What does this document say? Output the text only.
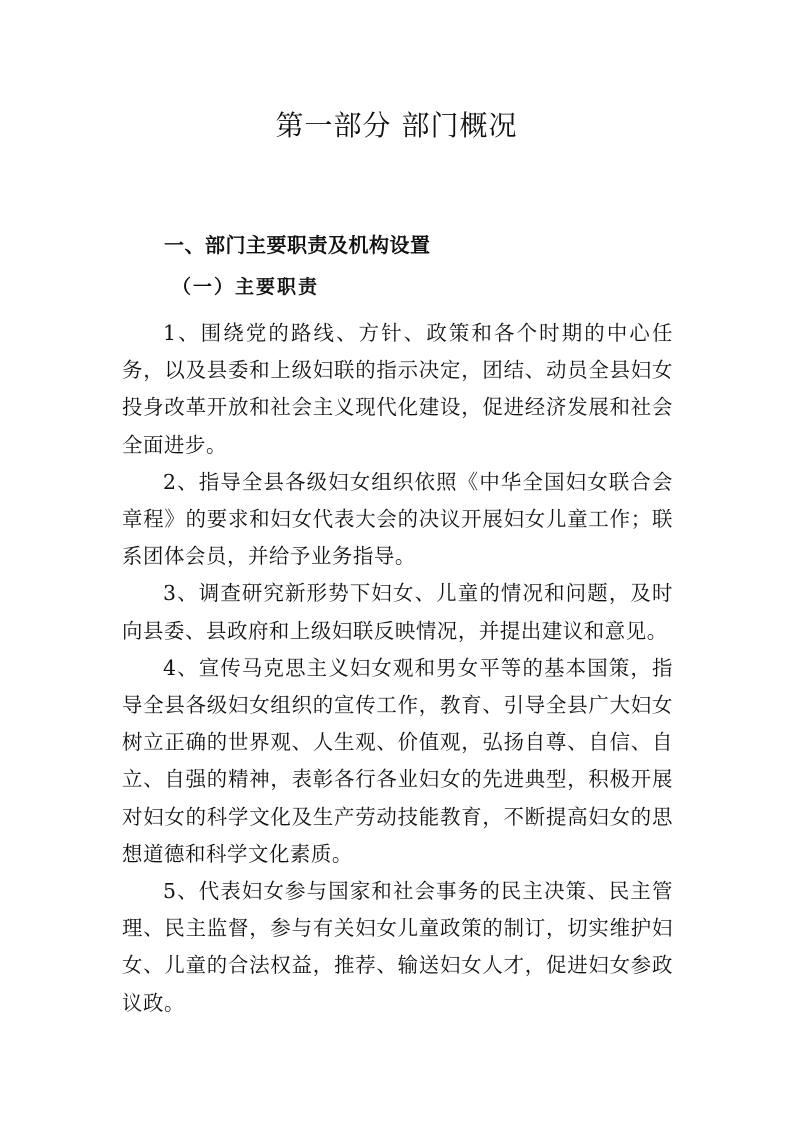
第一部分 部门概况
一、部门主要职责及机构设置
（一）主要职责

1、围绕党的路线、方针、政策和各个时期的中心任务，以及县委和上级妇联的指示决定，团结、动员全县妇女投身改革开放和社会主义现代化建设，促进经济发展和社会全面进步。

2、指导全县各级妇女组织依照《中华全国妇女联合会章程》的要求和妇女代表大会的决议开展妇女儿童工作；联系团体会员，并给予业务指导。

3、调查研究新形势下妇女、儿童的情况和问题，及时向县委、县政府和上级妇联反映情况，并提出建议和意见。

4、宣传马克思主义妇女观和男女平等的基本国策，指导全县各级妇女组织的宣传工作，教育、引导全县广大妇女树立正确的世界观、人生观、价值观，弘扬自尊、自信、自立、自强的精神，表彰各行各业妇女的先进典型，积极开展对妇女的科学文化及生产劳动技能教育，不断提高妇女的思想道德和科学文化素质。

5、代表妇女参与国家和社会事务的民主决策、民主管理、民主监督，参与有关妇女儿童政策的制订，切实维护妇女、儿童的合法权益，推荐、输送妇女人才，促进妇女参政议政。
